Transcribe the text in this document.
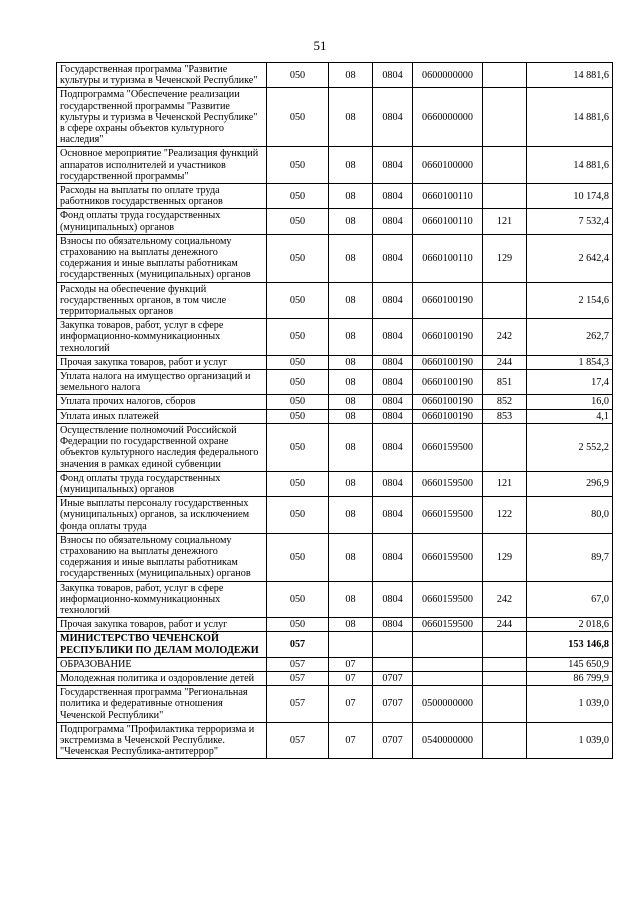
51
Государственная программа "Развитие культуры и туризма в Чеченской Республике"	050	08	0804	0600000000		14 881,6
Подпрограмма "Обеспечение реализации государственной программы "Развитие культуры и туризма в Чеченской Республике" в сфере охраны объектов культурного наследия"	050	08	0804	0660000000		14 881,6
Основное мероприятие "Реализация функций аппаратов исполнителей и участников государственной программы"	050	08	0804	0660100000		14 881,6
Расходы на выплаты по оплате труда работников государственных органов	050	08	0804	0660100110		10 174,8
Фонд оплаты труда государственных (муниципальных) органов	050	08	0804	0660100110	121	7 532,4
Взносы по обязательному социальному страхованию на выплаты денежного содержания и иные выплаты работникам государственных (муниципальных) органов	050	08	0804	0660100110	129	2 642,4
Расходы на обеспечение функций государственных органов, в том числе территориальных органов	050	08	0804	0660100190		2 154,6
Закупка товаров, работ, услуг в сфере информационно-коммуникационных технологий	050	08	0804	0660100190	242	262,7
Прочая закупка товаров, работ и услуг	050	08	0804	0660100190	244	1 854,3
Уплата налога на имущество организаций и земельного налога	050	08	0804	0660100190	851	17,4
Уплата прочих налогов, сборов	050	08	0804	0660100190	852	16,0
Уплата иных платежей	050	08	0804	0660100190	853	4,1
Осуществление полномочий Российской Федерации по государственной охране объектов культурного наследия федерального значения в рамках единой субвенции	050	08	0804	0660159500		2 552,2
Фонд оплаты труда государственных (муниципальных) органов	050	08	0804	0660159500	121	296,9
Иные выплаты персоналу государственных (муниципальных) органов, за исключением фонда оплаты труда	050	08	0804	0660159500	122	80,0
Взносы по обязательному социальному страхованию на выплаты денежного содержания и иные выплаты работникам государственных (муниципальных) органов	050	08	0804	0660159500	129	89,7
Закупка товаров, работ, услуг в сфере информационно-коммуникационных технологий	050	08	0804	0660159500	242	67,0
Прочая закупка товаров, работ и услуг	050	08	0804	0660159500	244	2 018,6
МИНИСТЕРСТВО ЧЕЧЕНСКОЙ РЕСПУБЛИКИ ПО ДЕЛАМ МОЛОДЕЖИ	057					153 146,8
ОБРАЗОВАНИЕ	057	07				145 650,9
Молодежная политика и оздоровление детей	057	07	0707			86 799,9
Государственная программа "Региональная политика и федеративные отношения Чеченской Республики"	057	07	0707	0500000000		1 039,0
Подпрограмма "Профилактика терроризма и экстремизма в Чеченской Республике. "Чеченская Республика-антитеррор"	057	07	0707	0540000000		1 039,0
